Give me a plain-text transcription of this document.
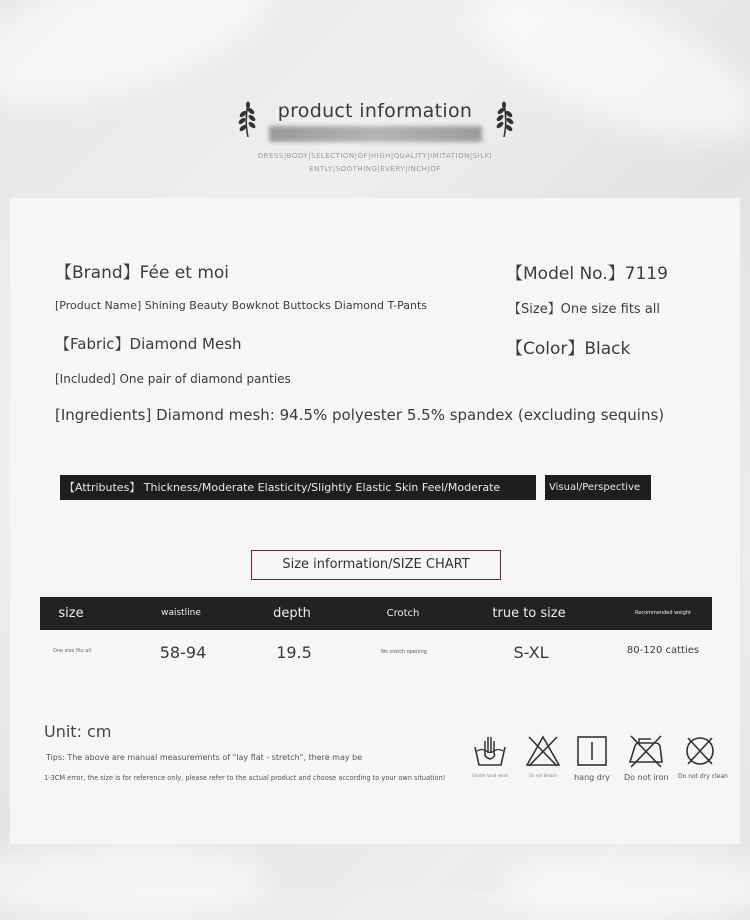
product information
DRESS|BODY|SELECTION|OF|HIGH|QUALITY|IMITATION|SILKI
ENTLY|SOOTHING|EVERY|INCH|OF
【Brand】Fée et moi	【Model No.】7119
[Product Name] Shining Beauty Bowknot Buttocks Diamond T-Pants	【Size】One size fits all
【Fabric】Diamond Mesh	【Color】Black
[Included] One pair of diamond panties
[Ingredients] Diamond mesh: 94.5% polyester 5.5% spandex (excluding sequins)
【Attributes】 Thickness/Moderate Elasticity/Slightly Elastic Skin Feel/Moderate	Visual/Perspective
Size information/SIZE CHART
size	waistline	depth	Crotch	true to size	Recommended weight
One size fits all	58-94	19.5	No crotch opening	S-XL	80-120 catties
Unit: cm
Tips: The above are manual measurements of "lay flat - stretch", there may be
1-3CM error, the size is for reference only, please refer to the actual product and choose according to your own situation!	Gentle hand wash	Do not bleach	hang dry	Do not iron Do not dry clean
